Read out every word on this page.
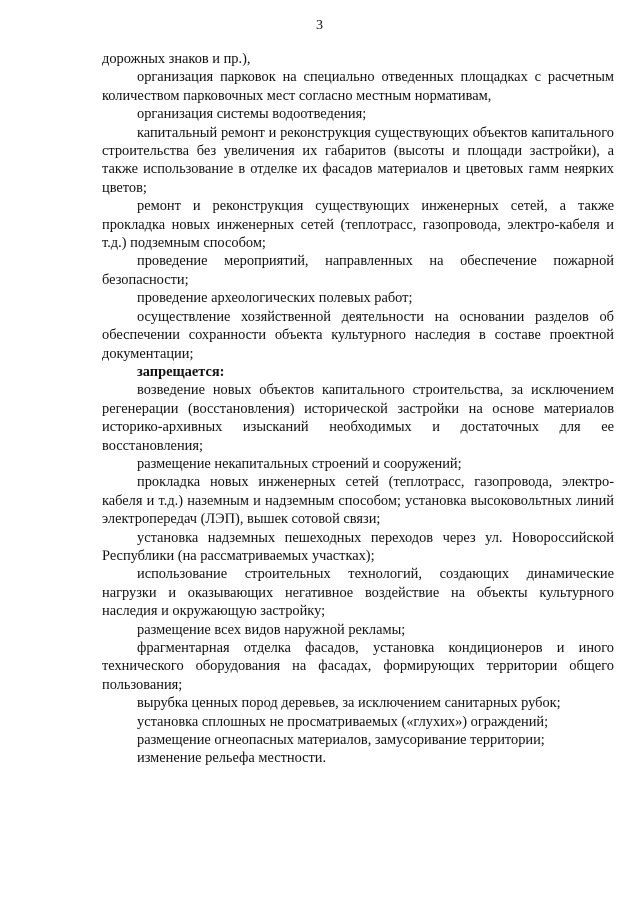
3

дорожных знаков и пр.),

организация парковок на специально отведенных площадках с расчетным количеством парковочных мест согласно местным нормативам,

организация системы водоотведения;

капитальный ремонт и реконструкция существующих объектов капитального строительства без увеличения их габаритов (высоты и площади застройки), а также использование в отделке их фасадов материалов и цветовых гамм неярких цветов;

ремонт и реконструкция существующих инженерных сетей, а также прокладка новых инженерных сетей (теплотрасс, газопровода, электро-кабеля и т.д.) подземным способом;

проведение мероприятий, направленных на обеспечение пожарной безопасности;

проведение археологических полевых работ;

осуществление хозяйственной деятельности на основании разделов об обеспечении сохранности объекта культурного наследия в составе проектной документации;

запрещается:

возведение новых объектов капитального строительства, за исключением регенерации (восстановления) исторической застройки на основе материалов историко-архивных изысканий необходимых и достаточных для ее восстановления;

размещение некапитальных строений и сооружений;

прокладка новых инженерных сетей (теплотрасс, газопровода, электро-кабеля и т.д.) наземным и надземным способом; установка высоковольтных линий электропередач (ЛЭП), вышек сотовой связи;

установка надземных пешеходных переходов через ул. Новороссийской Республики (на рассматриваемых участках);

использование строительных технологий, создающих динамические нагрузки и оказывающих негативное воздействие на объекты культурного наследия и окружающую застройку;

размещение всех видов наружной рекламы;

фрагментарная отделка фасадов, установка кондиционеров и иного технического оборудования на фасадах, формирующих территории общего пользования;

вырубка ценных пород деревьев, за исключением санитарных рубок;

установка сплошных не просматриваемых («глухих») ограждений;

размещение огнеопасных материалов, замусоривание территории;

изменение рельефа местности.
